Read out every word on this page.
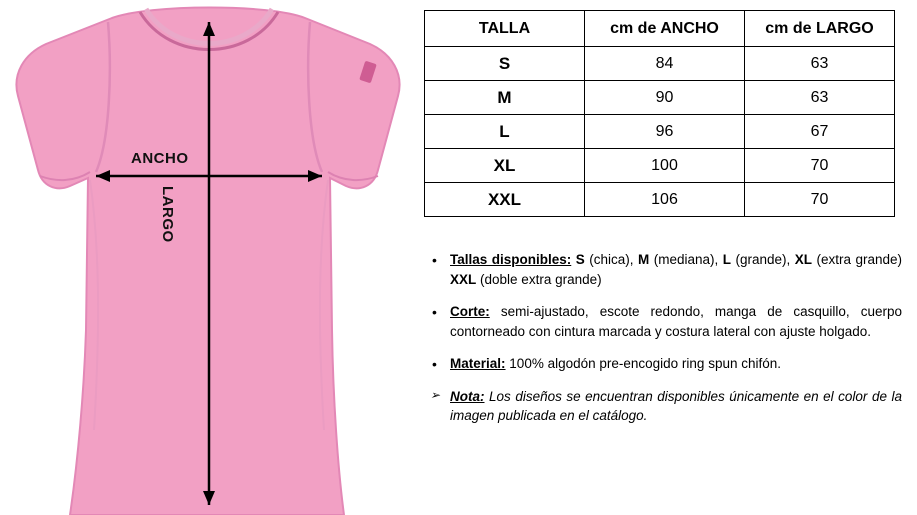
ANCHO
LARGO
TALLA	cm de ANCHO	cm de LARGO
S	84	63
M	90	63
L	96	67
XL	100	70
XXL	106	70
• Tallas disponibles: S (chica), M (mediana), L (grande), XL (extra grande) XXL (doble extra grande)
• Corte: semi-ajustado, escote redondo, manga de casquillo, cuerpo contorneado con cintura marcada y costura lateral con ajuste holgado.
• Material: 100% algodón pre-encogido ring spun chifón.
➢ Nota: Los diseños se encuentran disponibles únicamente en el color de la imagen publicada en el catálogo.
